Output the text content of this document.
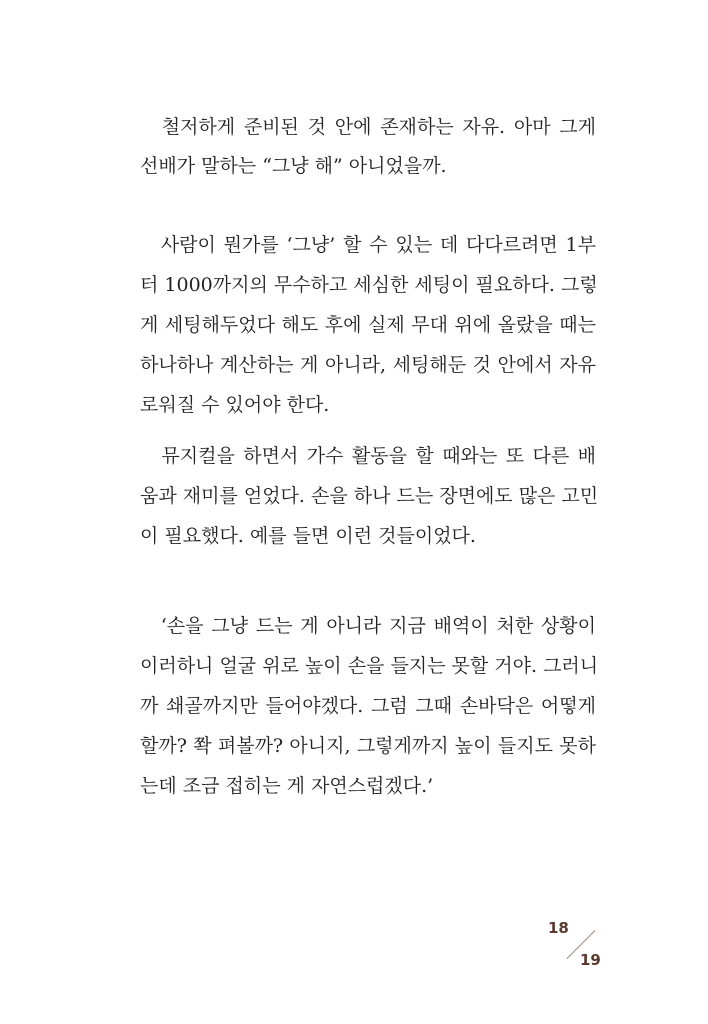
　철저하게 준비된 것 안에 존재하는 자유. 아마 그게
선배가 말하는 “그냥 해” 아니었을까.
　사람이 뭔가를 ‘그냥’ 할 수 있는 데 다다르려면 1부
터 1000까지의 무수하고 세심한 세팅이 필요하다. 그렇
게 세팅해두었다 해도 후에 실제 무대 위에 올랐을 때는
하나하나 계산하는 게 아니라, 세팅해둔 것 안에서 자유
로워질 수 있어야 한다.
　뮤지컬을 하면서 가수 활동을 할 때와는 또 다른 배
움과 재미를 얻었다. 손을 하나 드는 장면에도 많은 고민
이 필요했다. 예를 들면 이런 것들이었다.
　‘손을 그냥 드는 게 아니라 지금 배역이 처한 상황이
이러하니 얼굴 위로 높이 손을 들지는 못할 거야. 그러니
까 쇄골까지만 들어야겠다. 그럼 그때 손바닥은 어떻게
할까? 쫙 펴볼까? 아니지, 그렇게까지 높이 들지도 못하
는데 조금 접히는 게 자연스럽겠다.’
18
19
